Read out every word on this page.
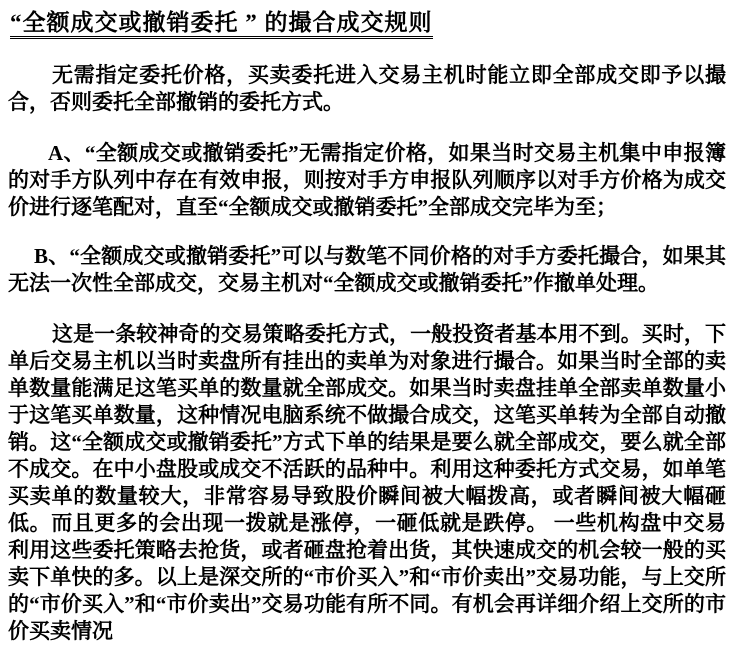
“全额成交或撤销委托 ” 的撮合成交规则

无需指定委托价格，买卖委托进入交易主机时能立即全部成交即予以撮合，否则委托全部撤销的委托方式。

A、“全额成交或撤销委托”无需指定价格，如果当时交易主机集中申报簿的对手方队列中存在有效申报，则按对手方申报队列顺序以对手方价格为成交价进行逐笔配对，直至“全额成交或撤销委托”全部成交完毕为至；

B、“全额成交或撤销委托”可以与数笔不同价格的对手方委托撮合，如果其无法一次性全部成交，交易主机对“全额成交或撤销委托”作撤单处理。

这是一条较神奇的交易策略委托方式，一般投资者基本用不到。买时，下单后交易主机以当时卖盘所有挂出的卖单为对象进行撮合。如果当时全部的卖单数量能满足这笔买单的数量就全部成交。如果当时卖盘挂单全部卖单数量小于这笔买单数量，这种情况电脑系统不做撮合成交，这笔买单转为全部自动撤销。这“全额成交或撤销委托”方式下单的结果是要么就全部成交，要么就全部不成交。在中小盘股或成交不活跃的品种中。利用这种委托方式交易，如单笔买卖单的数量较大，非常容易导致股价瞬间被大幅拨高，或者瞬间被大幅砸低。而且更多的会出现一拨就是涨停，一砸低就是跌停。 一些机构盘中交易利用这些委托策略去抢货，或者砸盘抢着出货，其快速成交的机会较一般的买卖下单快的多。以上是深交所的“市价买入”和“市价卖出”交易功能，与上交所的“市价买入”和“市价卖出”交易功能有所不同。有机会再详细介绍上交所的市价买卖情况
